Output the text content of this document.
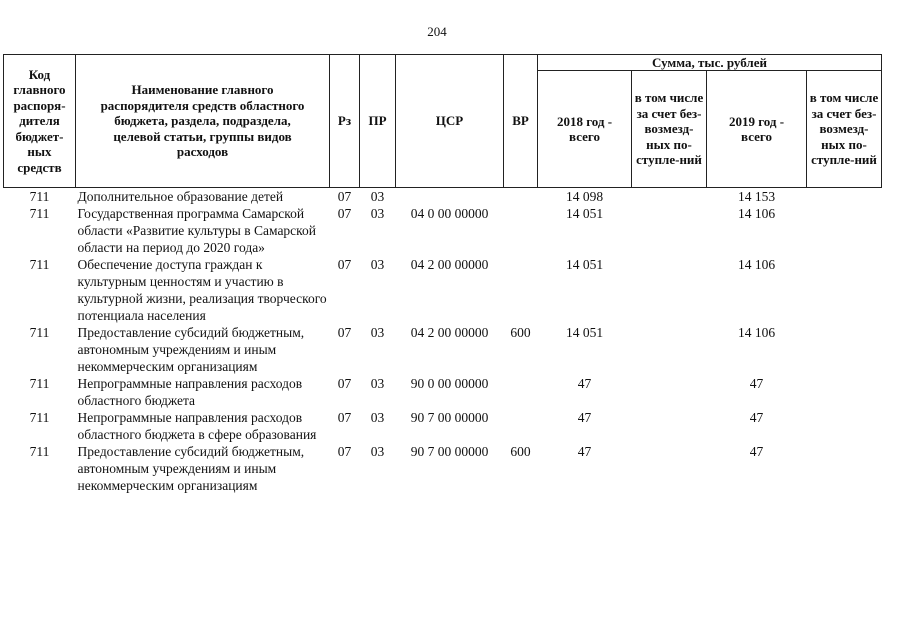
204
Код главного распоря-дителя бюджет-ных средств	Наименование главного распорядителя средств областного бюджета, раздела, подраздела, целевой статьи, группы видов расходов	Рз	ПР	ЦСР	ВР	Сумма, тыс. рублей			
						2018 год - всего	в том числе за счет без-возмезд-ных по-ступле-ний	2019 год - всего	в том числе за счет без-возмезд-ных по-ступле-ний
711	Дополнительное образование детей	07	03			14 098		14 153	
711	Государственная программа Самарской области «Развитие культуры в Самарской области на период до 2020 года»	07	03	04 0 00 00000		14 051		14 106	
711	Обеспечение доступа граждан к культурным ценностям и участию в культурной жизни, реализация творческого потенциала населения	07	03	04 2 00 00000		14 051		14 106	
711	Предоставление субсидий бюджетным, автономным учреждениям и иным некоммерческим организациям	07	03	04 2 00 00000	600	14 051		14 106	
711	Непрограммные направления расходов областного бюджета	07	03	90 0 00 00000		47		47	
711	Непрограммные направления расходов областного бюджета в сфере образования	07	03	90 7 00 00000		47		47	
711	Предоставление субсидий бюджетным, автономным учреждениям и иным некоммерческим организациям	07	03	90 7 00 00000	600	47		47	
